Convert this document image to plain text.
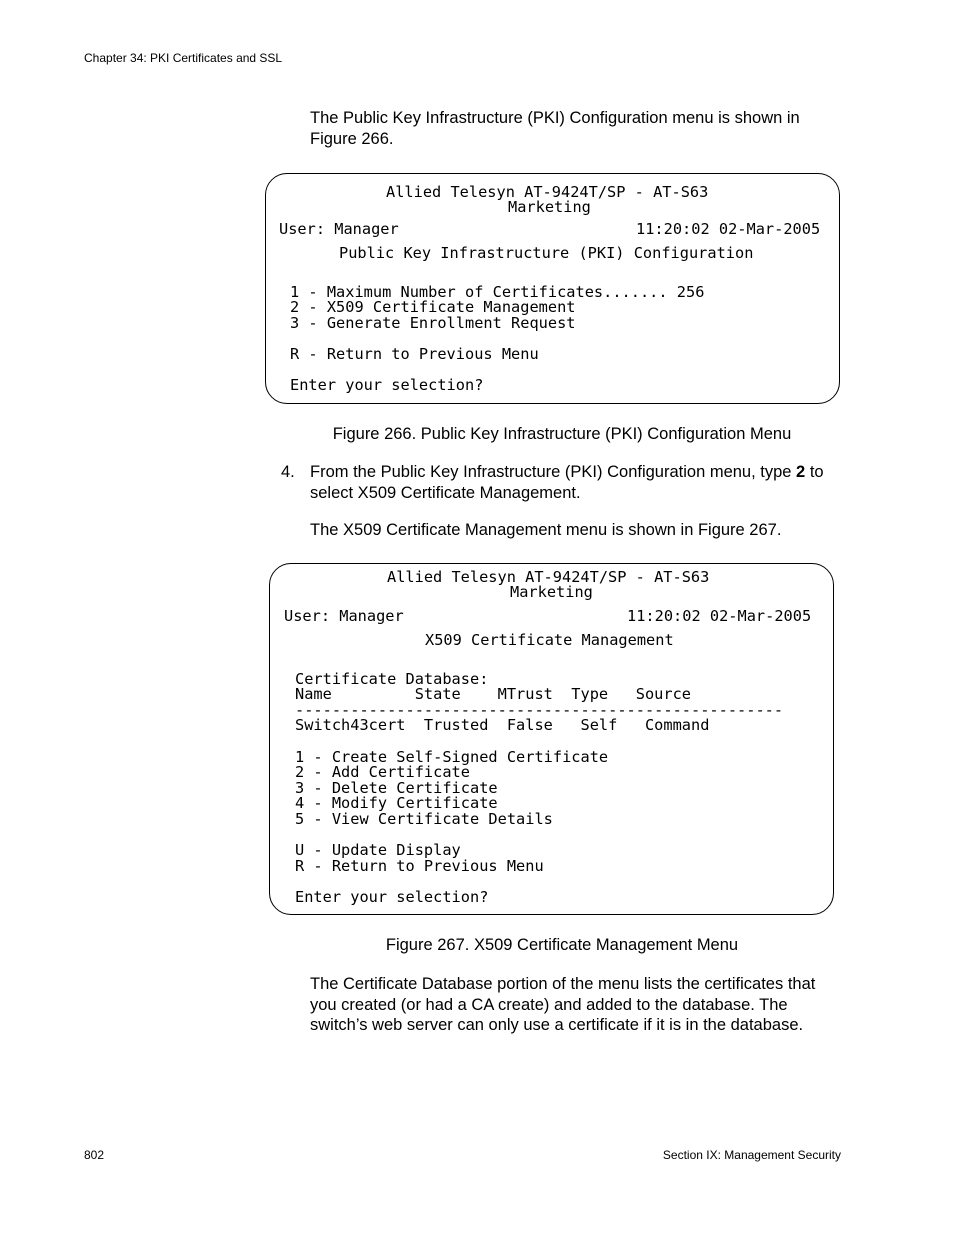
Chapter 34: PKI Certificates and SSL
The Public Key Infrastructure (PKI) Configuration menu is shown in Figure 266.
Allied Telesyn AT-9424T/SP - AT-S63
Marketing
User: Manager	11:20:02 02-Mar-2005
Public Key Infrastructure (PKI) Configuration
1 - Maximum Number of Certificates....... 256
2 - X509 Certificate Management
3 - Generate Enrollment Request
R - Return to Previous Menu
Enter your selection?
Figure 266. Public Key Infrastructure (PKI) Configuration Menu
4. From the Public Key Infrastructure (PKI) Configuration menu, type 2 to select X509 Certificate Management.
The X509 Certificate Management menu is shown in Figure 267.
Allied Telesyn AT-9424T/SP - AT-S63
Marketing
User: Manager	11:20:02 02-Mar-2005
X509 Certificate Management
Certificate Database:
Name         State    MTrust  Type   Source
-----------------------------------------------------
Switch43cert  Trusted  False   Self   Command
1 - Create Self-Signed Certificate
2 - Add Certificate
3 - Delete Certificate
4 - Modify Certificate
5 - View Certificate Details
U - Update Display
R - Return to Previous Menu
Enter your selection?
Figure 267. X509 Certificate Management Menu
The Certificate Database portion of the menu lists the certificates that you created (or had a CA create) and added to the database. The switch’s web server can only use a certificate if it is in the database.
802	Section IX: Management Security
